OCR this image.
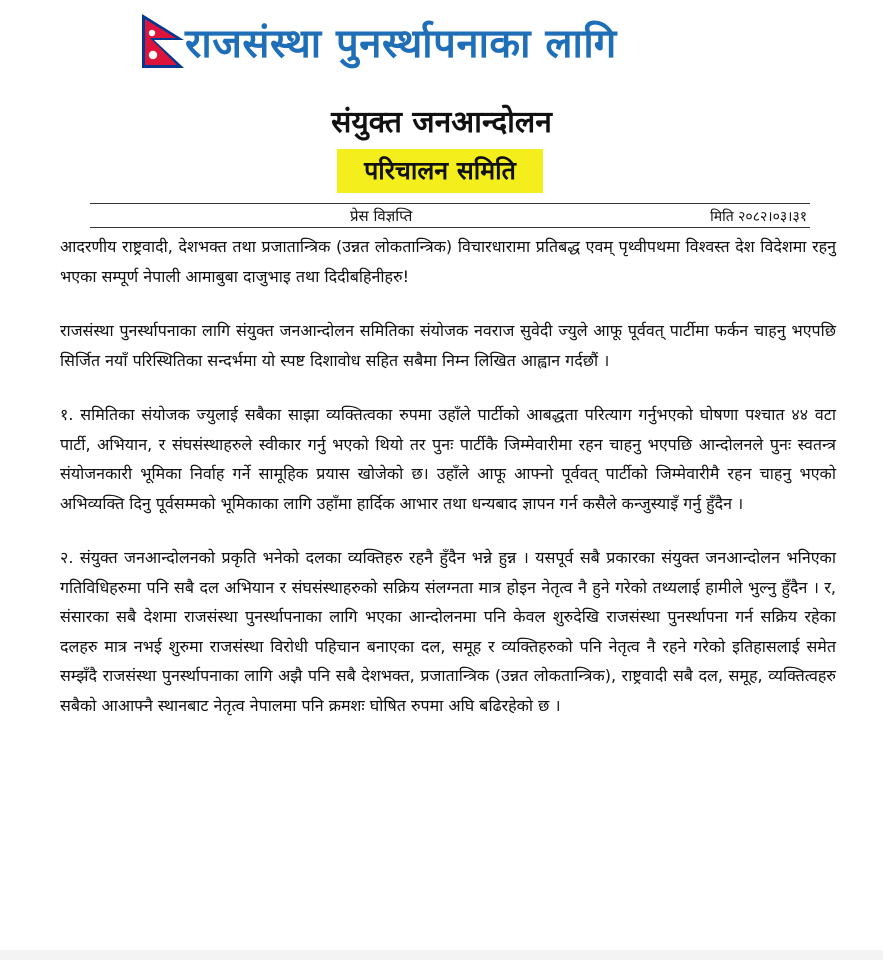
राजसंस्था पुनर्स्थापनाका लागि
संयुक्त जनआन्दोलन
परिचालन समिति
प्रेस विज्ञप्ति	मिति २०८२।०३।३१

आदरणीय राष्ट्रवादी, देशभक्त तथा प्रजातान्त्रिक (उन्नत लोकतान्त्रिक) विचारधारामा प्रतिबद्ध एवम् पृथ्वीपथमा विश्वस्त देश विदेशमा रहनु भएका सम्पूर्ण नेपाली आमाबुबा दाजुभाइ तथा दिदीबहिनीहरु!

राजसंस्था पुनर्स्थापनाका लागि संयुक्त जनआन्दोलन समितिका संयोजक नवराज सुवेदी ज्युले आफू पूर्ववत् पार्टीमा फर्कन चाहनु भएपछि सिर्जित नयाँ परिस्थितिका सन्दर्भमा यो स्पष्ट दिशावोध सहित सबैमा निम्न लिखित आह्वान गर्दछौं ।

१. समितिका संयोजक ज्युलाई सबैका साझा व्यक्तित्वका रुपमा उहाँले पार्टीको आबद्धता परित्याग गर्नुभएको घोषणा पश्चात ४४ वटा पार्टी, अभियान, र संघसंस्थाहरुले स्वीकार गर्नु भएको थियो तर पुनः पार्टीकै जिम्मेवारीमा रहन चाहनु भएपछि आन्दोलनले पुनः स्वतन्त्र संयोजनकारी भूमिका निर्वाह गर्ने सामूहिक प्रयास खोजेको छ। उहाँले आफू आफ्नो पूर्ववत् पार्टीको जिम्मेवारीमै रहन चाहनु भएको अभिव्यक्ति दिनु पूर्वसम्मको भूमिकाका लागि उहाँमा हार्दिक आभार तथा धन्यबाद ज्ञापन गर्न कसैले कन्जुस्याइँ गर्नु हुँदैन ।

२. संयुक्त जनआन्दोलनको प्रकृति भनेको दलका व्यक्तिहरु रहनै हुँदैन भन्ने हुन्न । यसपूर्व सबै प्रकारका संयुक्त जनआन्दोलन भनिएका गतिविधिहरुमा पनि सबै दल अभियान र संघसंस्थाहरुको सक्रिय संलग्नता मात्र होइन नेतृत्व नै हुने गरेको तथ्यलाई हामीले भुल्नु हुँदैन । र, संसारका सबै देशमा राजसंस्था पुनर्स्थापनाका लागि भएका आन्दोलनमा पनि केवल शुरुदेखि राजसंस्था पुनर्स्थापना गर्न सक्रिय रहेका दलहरु मात्र नभई शुरुमा राजसंस्था विरोधी पहिचान बनाएका दल, समूह र व्यक्तिहरुको पनि नेतृत्व नै रहने गरेको इतिहासलाई समेत सम्झँदै राजसंस्था पुनर्स्थापनाका लागि अझै पनि सबै देशभक्त, प्रजातान्त्रिक (उन्नत लोकतान्त्रिक), राष्ट्रवादी सबै दल, समूह, व्यक्तित्वहरु सबैको आआफ्नै स्थानबाट नेतृत्व नेपालमा पनि क्रमशः घोषित रुपमा अघि बढिरहेको छ ।
